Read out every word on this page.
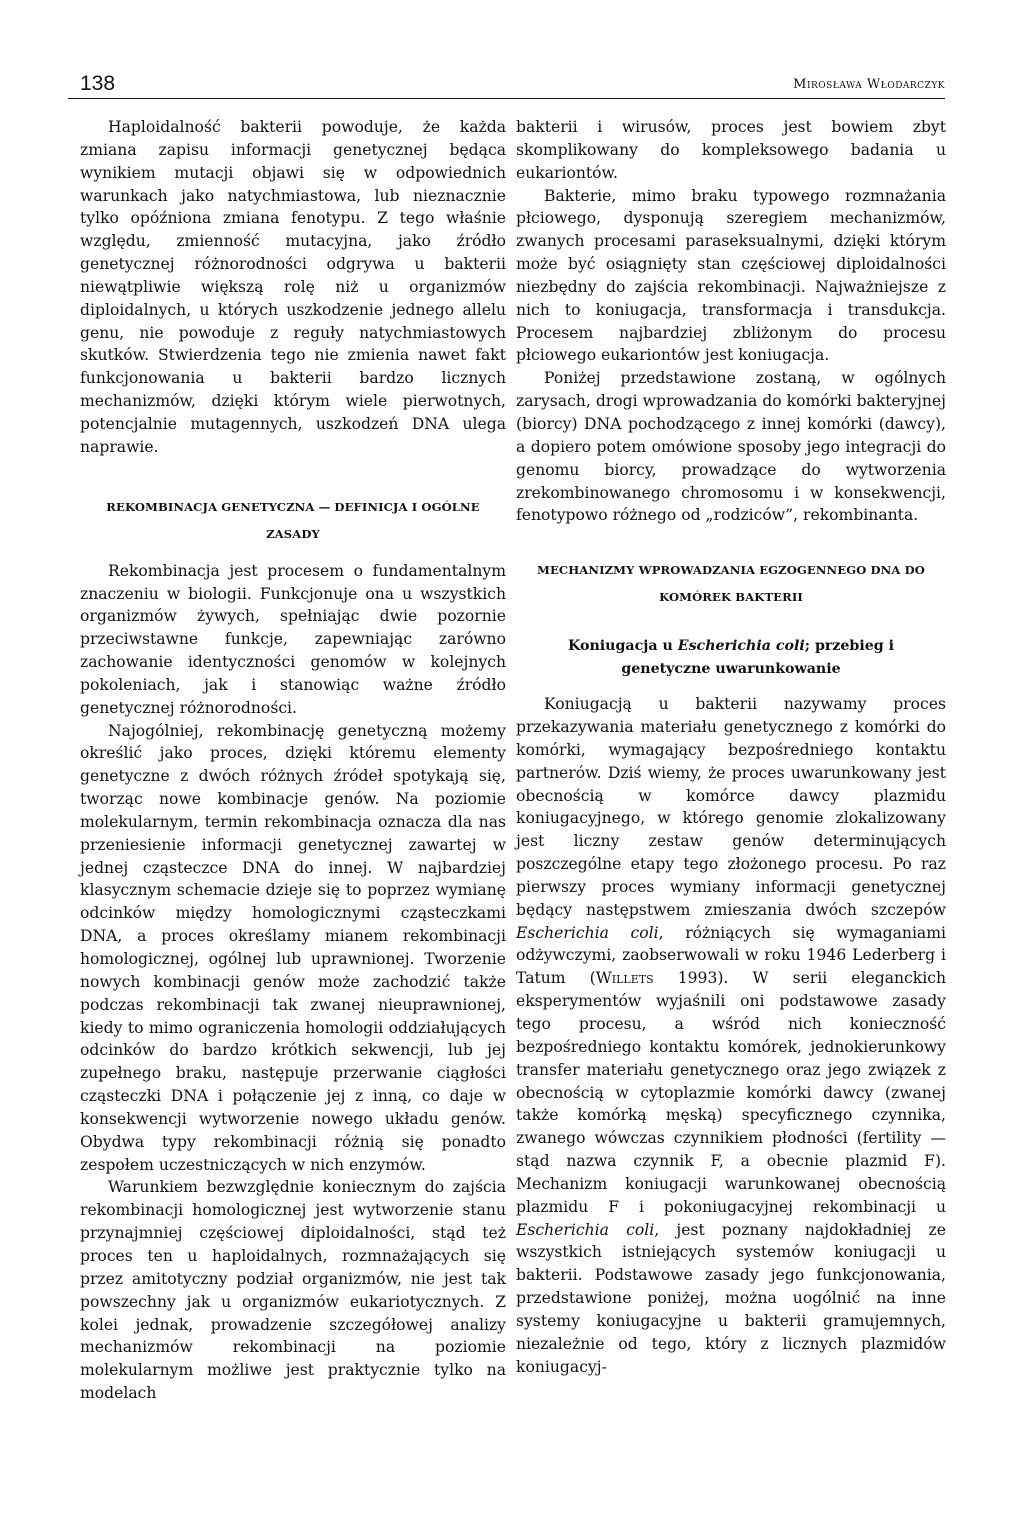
138	Mirosława Włodarczyk

Haploidalność bakterii powoduje, że każda zmiana zapisu informacji genetycznej będąca wynikiem mutacji objawi się w odpowiednich warunkach jako natychmiastowa, lub nieznacznie tylko opóźniona zmiana fenotypu. Z tego właśnie względu, zmienność mutacyjna, jako źródło genetycznej różnorodności odgrywa u bakterii niewątpliwie większą rolę niż u organizmów diploidalnych, u których uszkodzenie jednego allelu genu, nie powoduje z reguły natychmiastowych skutków. Stwierdzenia tego nie zmienia nawet fakt funkcjonowania u bakterii bardzo licznych mechanizmów, dzięki którym wiele pierwotnych, potencjalnie mutagennych, uszkodzeń DNA ulega naprawie.

REKOMBINACJA GENETYCZNA — DEFINICJA I OGÓLNE ZASADY

Rekombinacja jest procesem o fundamentalnym znaczeniu w biologii. Funkcjonuje ona u wszystkich organizmów żywych, spełniając dwie pozornie przeciwstawne funkcje, zapewniając zarówno zachowanie identyczności genomów w kolejnych pokoleniach, jak i stanowiąc ważne źródło genetycznej różnorodności.

Najogólniej, rekombinację genetyczną możemy określić jako proces, dzięki któremu elementy genetyczne z dwóch różnych źródeł spotykają się, tworząc nowe kombinacje genów. Na poziomie molekularnym, termin rekombinacja oznacza dla nas przeniesienie informacji genetycznej zawartej w jednej cząsteczce DNA do innej. W najbardziej klasycznym schemacie dzieje się to poprzez wymianę odcinków między homologicznymi cząsteczkami DNA, a proces określamy mianem rekombinacji homologicznej, ogólnej lub uprawnionej. Tworzenie nowych kombinacji genów może zachodzić także podczas rekombinacji tak zwanej nieuprawnionej, kiedy to mimo ograniczenia homologii oddziałujących odcinków do bardzo krótkich sekwencji, lub jej zupełnego braku, następuje przerwanie ciągłości cząsteczki DNA i połączenie jej z inną, co daje w konsekwencji wytworzenie nowego układu genów. Obydwa typy rekombinacji różnią się ponadto zespołem uczestniczących w nich enzymów.

Warunkiem bezwzględnie koniecznym do zajścia rekombinacji homologicznej jest wytworzenie stanu przynajmniej częściowej diploidalności, stąd też proces ten u haploidalnych, rozmnażających się przez amitotyczny podział organizmów, nie jest tak powszechny jak u organizmów eukariotycznych. Z kolei jednak, prowadzenie szczegółowej analizy mechanizmów rekombinacji na poziomie molekularnym możliwe jest praktycznie tylko na modelach

bakterii i wirusów, proces jest bowiem zbyt skomplikowany do kompleksowego badania u eukariontów.

Bakterie, mimo braku typowego rozmnażania płciowego, dysponują szeregiem mechanizmów, zwanych procesami paraseksualnymi, dzięki którym może być osiągnięty stan częściowej diploidalności niezbędny do zajścia rekombinacji. Najważniejsze z nich to koniugacja, transformacja i transdukcja. Procesem najbardziej zbliżonym do procesu płciowego eukariontów jest koniugacja.

Poniżej przedstawione zostaną, w ogólnych zarysach, drogi wprowadzania do komórki bakteryjnej (biorcy) DNA pochodzącego z innej komórki (dawcy), a dopiero potem omówione sposoby jego integracji do genomu biorcy, prowadzące do wytworzenia zrekombinowanego chromosomu i w konsekwencji, fenotypowo różnego od „rodziców”, rekombinanta.

MECHANIZMY WPROWADZANIA EGZOGENNEGO DNA DO KOMÓREK BAKTERII
Koniugacja u Escherichia coli; przebieg i genetyczne uwarunkowanie

Koniugacją u bakterii nazywamy proces przekazywania materiału genetycznego z komórki do komórki, wymagający bezpośredniego kontaktu partnerów. Dziś wiemy, że proces uwarunkowany jest obecnością w komórce dawcy plazmidu koniugacyjnego, w którego genomie zlokalizowany jest liczny zestaw genów determinujących poszczególne etapy tego złożonego procesu. Po raz pierwszy proces wymiany informacji genetycznej będący następstwem zmieszania dwóch szczepów Escherichia coli, różniących się wymaganiami odżywczymi, zaobserwowali w roku 1946 Lederberg i Tatum (Willets 1993). W serii eleganckich eksperymentów wyjaśnili oni podstawowe zasady tego procesu, a wśród nich konieczność bezpośredniego kontaktu komórek, jednokierunkowy transfer materiału genetycznego oraz jego związek z obecnością w cytoplazmie komórki dawcy (zwanej także komórką męską) specyficznego czynnika, zwanego wówczas czynnikiem płodności (fertility — stąd nazwa czynnik F, a obecnie plazmid F). Mechanizm koniugacji warunkowanej obecnością plazmidu F i pokoniugacyjnej rekombinacji u Escherichia coli, jest poznany najdokładniej ze wszystkich istniejących systemów koniugacji u bakterii. Podstawowe zasady jego funkcjonowania, przedstawione poniżej, można uogólnić na inne systemy koniugacyjne u bakterii gramujemnych, niezależnie od tego, który z licznych plazmidów koniugacyj-
